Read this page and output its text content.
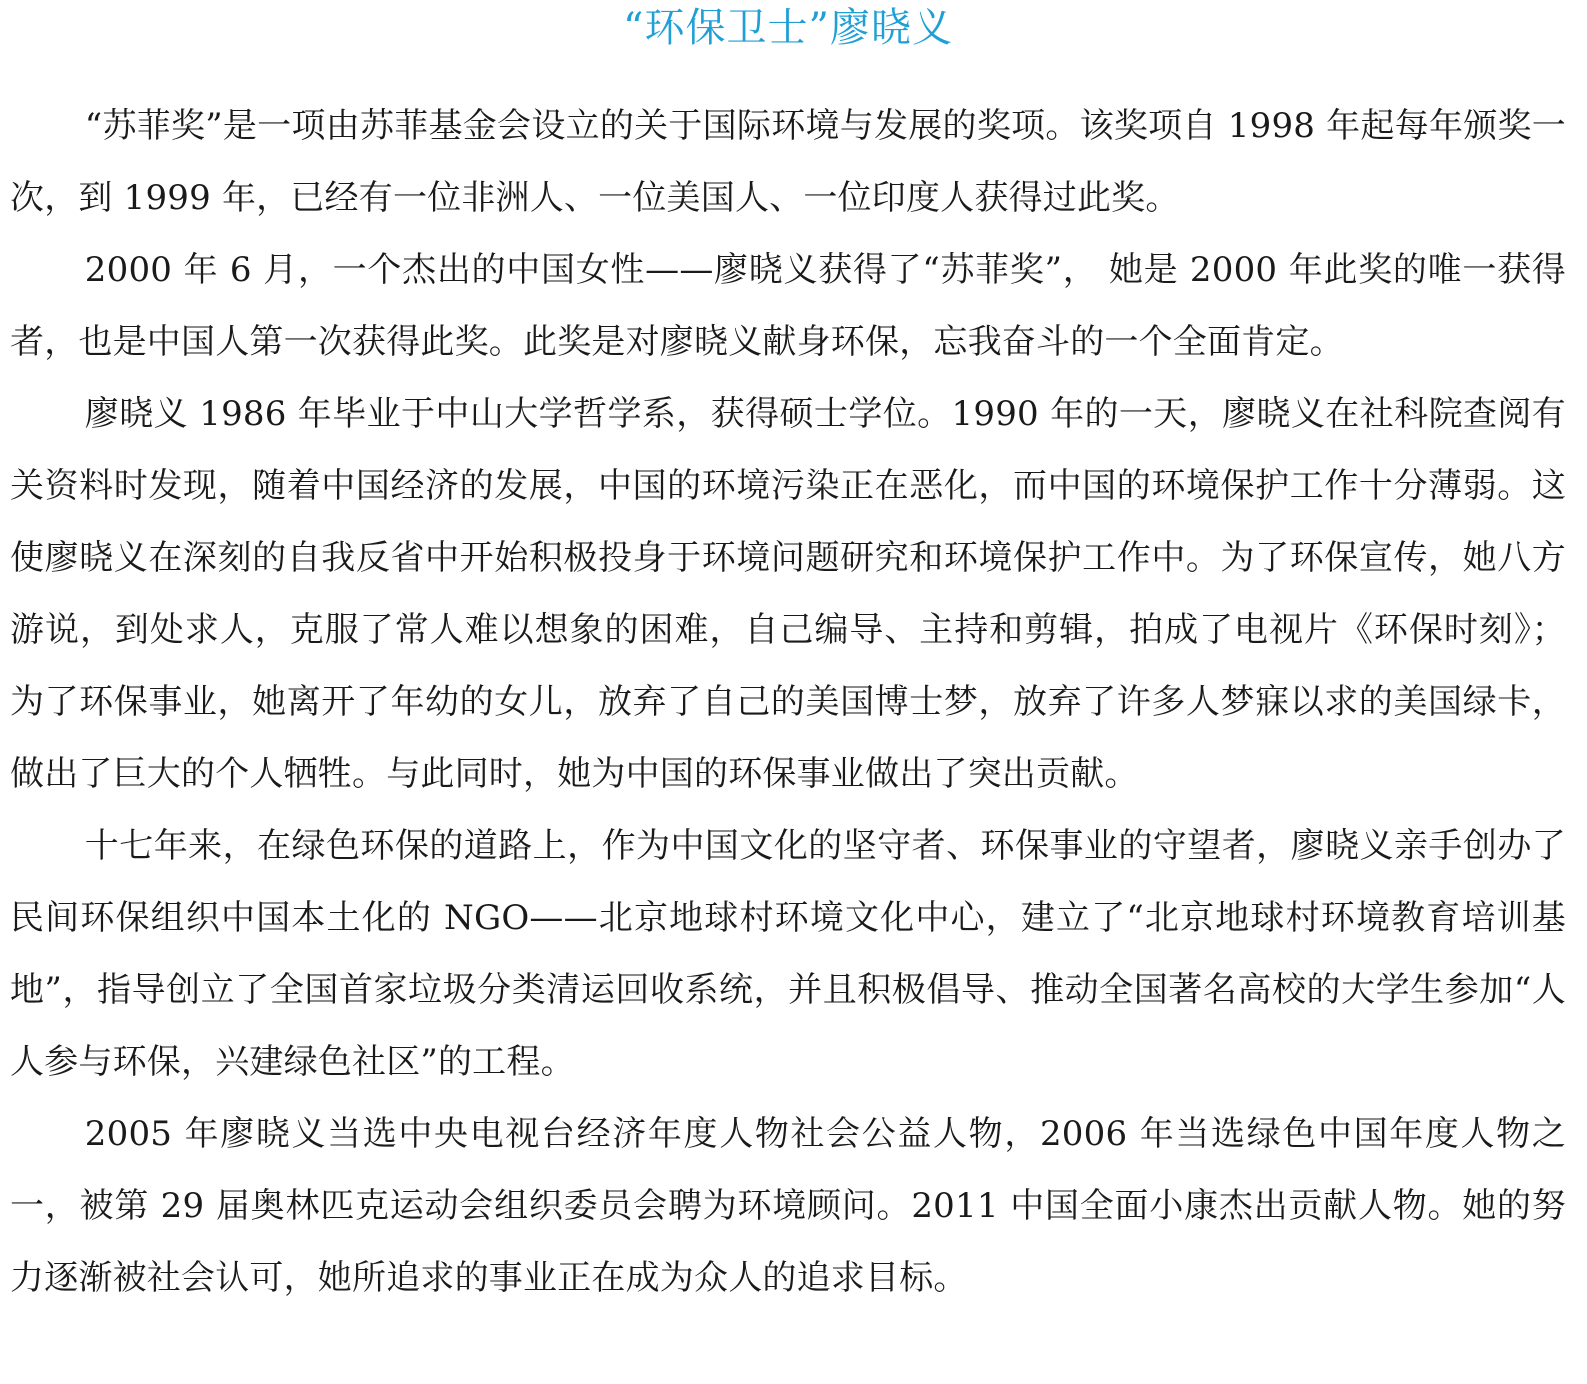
“环保卫士”廖晓义

“苏菲奖”是一项由苏菲基金会设立的关于国际环境与发展的奖项。该奖项自 1998 年起每年颁奖一次，到 1999 年，已经有一位非洲人、一位美国人、一位印度人获得过此奖。

2000 年 6 月，一个杰出的中国女性——廖晓义获得了“苏菲奖”， 她是 2000 年此奖的唯一获得者，也是中国人第一次获得此奖。此奖是对廖晓义献身环保，忘我奋斗的一个全面肯定。

廖晓义 1986 年毕业于中山大学哲学系，获得硕士学位。1990 年的一天，廖晓义在社科院查阅有关资料时发现，随着中国经济的发展，中国的环境污染正在恶化，而中国的环境保护工作十分薄弱。这使廖晓义在深刻的自我反省中开始积极投身于环境问题研究和环境保护工作中。为了环保宣传，她八方游说，到处求人，克服了常人难以想象的困难，自己编导、主持和剪辑，拍成了电视片《环保时刻》；为了环保事业，她离开了年幼的女儿，放弃了自己的美国博士梦，放弃了许多人梦寐以求的美国绿卡，做出了巨大的个人牺牲。与此同时，她为中国的环保事业做出了突出贡献。

十七年来，在绿色环保的道路上，作为中国文化的坚守者、环保事业的守望者，廖晓义亲手创办了民间环保组织中国本土化的 NGO——北京地球村环境文化中心，建立了“北京地球村环境教育培训基地”，指导创立了全国首家垃圾分类清运回收系统，并且积极倡导、推动全国著名高校的大学生参加“人人参与环保，兴建绿色社区”的工程。

2005 年廖晓义当选中央电视台经济年度人物社会公益人物，2006 年当选绿色中国年度人物之一，被第 29 届奥林匹克运动会组织委员会聘为环境顾问。2011 中国全面小康杰出贡献人物。她的努力逐渐被社会认可，她所追求的事业正在成为众人的追求目标。
